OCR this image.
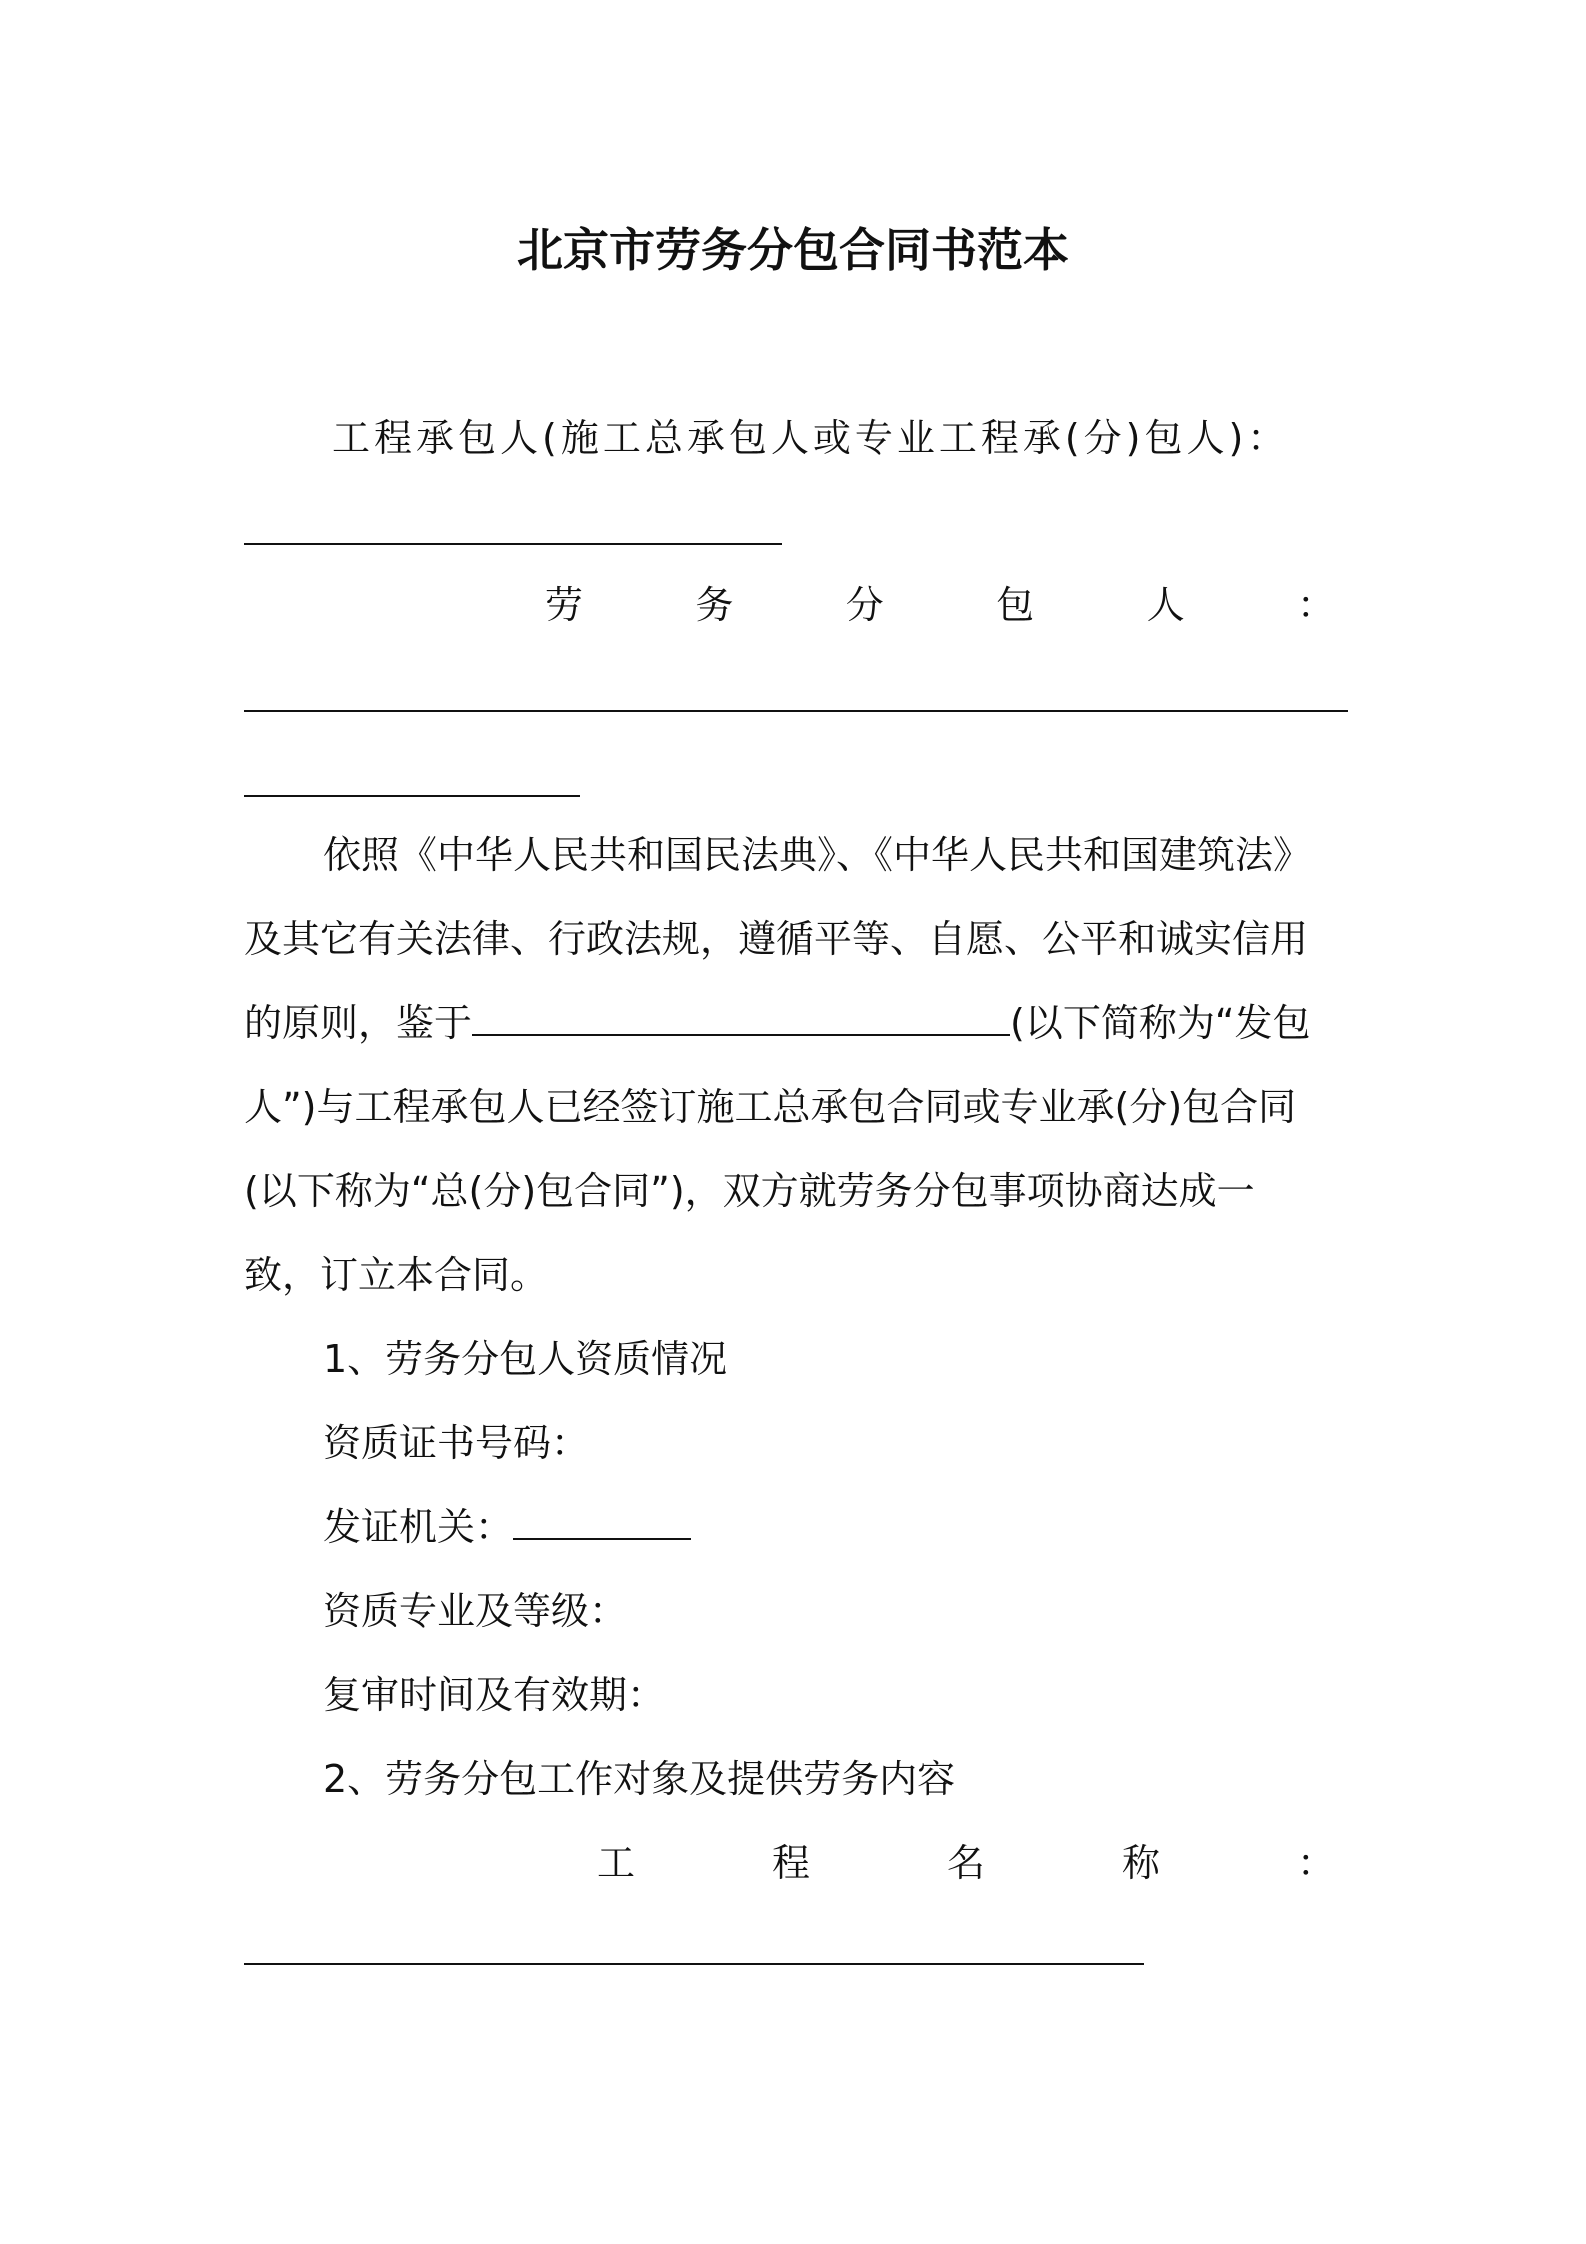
北京市劳务分包合同书范本
工程承包人(施工总承包人或专业工程承(分)包人)：
劳	务	分	包	人	：
依照《中华人民共和国民法典》、《中华人民共和国建筑法》
及其它有关法律、行政法规，遵循平等、自愿、公平和诚实信用
的原则，鉴于	(以下简称为“发包
人”)与工程承包人已经签订施工总承包合同或专业承(分)包合同
(以下称为“总(分)包合同”)，双方就劳务分包事项协商达成一
致，订立本合同。
1、劳务分包人资质情况
资质证书号码：
发证机关：
资质专业及等级：
复审时间及有效期：
2、劳务分包工作对象及提供劳务内容
工	程	名	称	：
